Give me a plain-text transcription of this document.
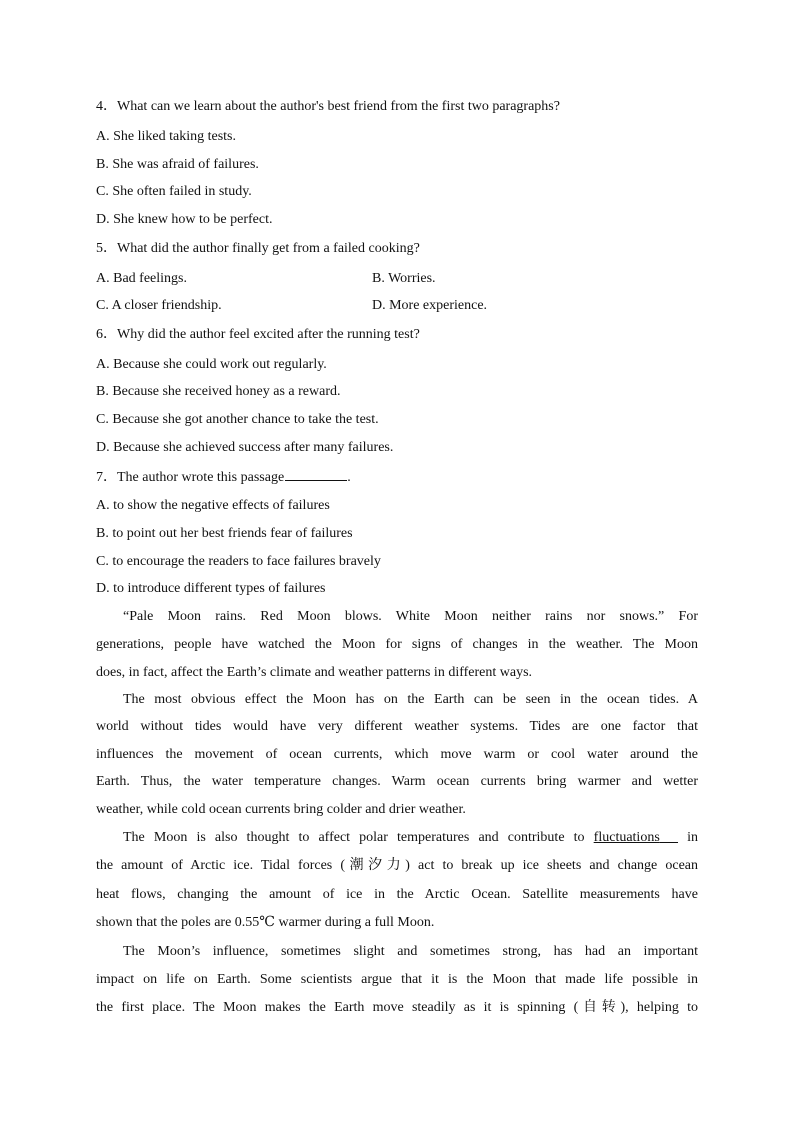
4．What can we learn about the author's best friend from the first two paragraphs?
A. She liked taking tests.
B. She was afraid of failures.
C. She often failed in study.
D. She knew how to be perfect.
5．What did the author finally get from a failed cooking?
A. Bad feelings.	B. Worries.
C. A closer friendship.	D. More experience.
6．Why did the author feel excited after the running test?
A. Because she could work out regularly.
B. Because she received honey as a reward.
C. Because she got another chance to take the test.
D. Because she achieved success after many failures.
7．The author wrote this passage	.
A. to show the negative effects of failures
B. to point out her best friends fear of failures
C. to encourage the readers to face failures bravely
D. to introduce different types of failures
“Pale Moon rains. Red Moon blows. White Moon neither rains nor snows.” For
generations, people have watched the Moon for signs of changes in the weather. The Moon
does, in fact, affect the Earth’s climate and weather patterns in different ways.
The most obvious effect the Moon has on the Earth can be seen in the ocean tides. A
world without tides would have very different weather systems. Tides are one factor that
influences the movement of ocean currents, which move warm or cool water around the
Earth. Thus, the water temperature changes. Warm ocean currents bring warmer and wetter
weather, while cold ocean currents bring colder and drier weather.
The Moon is also thought to affect polar temperatures and contribute to fluctuations in
the amount of Arctic ice. Tidal forces (潮汐力) act to break up ice sheets and change ocean
heat flows, changing the amount of ice in the Arctic Ocean. Satellite measurements have
shown that the poles are 0.55℃ warmer during a full Moon.
The Moon’s influence, sometimes slight and sometimes strong, has had an important
impact on life on Earth. Some scientists argue that it is the Moon that made life possible in
the first place. The Moon makes the Earth move steadily as it is spinning (自转), helping to
